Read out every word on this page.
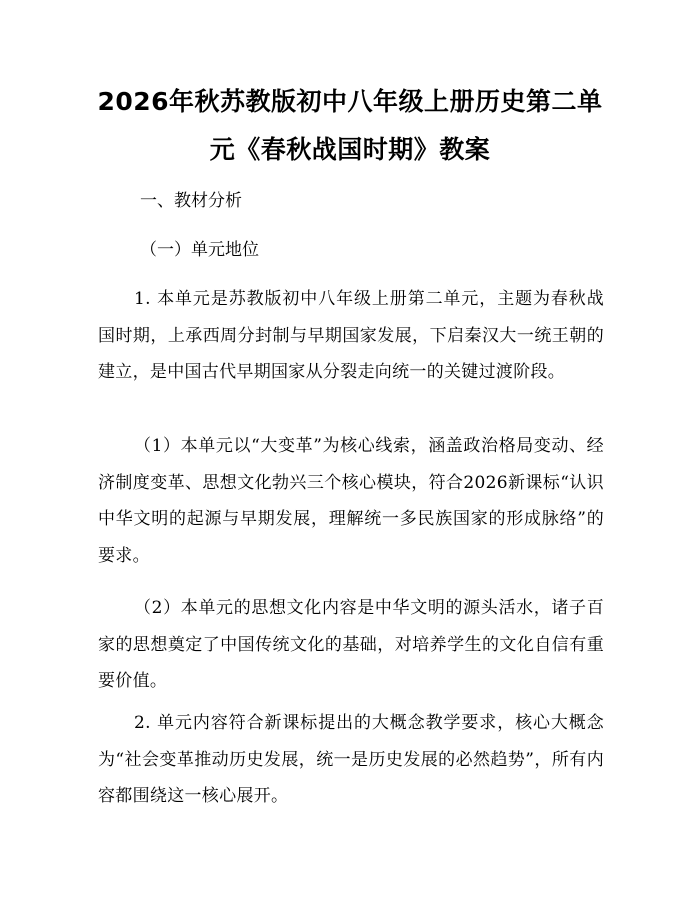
2026年秋苏教版初中八年级上册历史第二单
元《春秋战国时期》教案
一、教材分析
（一）单元地位
1. 本单元是苏教版初中八年级上册第二单元，主题为春秋战国时期，上承西周分封制与早期国家发展，下启秦汉大一统王朝的建立，是中国古代早期国家从分裂走向统一的关键过渡阶段。
（1）本单元以“大变革”为核心线索，涵盖政治格局变动、经济制度变革、思想文化勃兴三个核心模块，符合2026新课标“认识中华文明的起源与早期发展，理解统一多民族国家的形成脉络”的要求。
（2）本单元的思想文化内容是中华文明的源头活水，诸子百家的思想奠定了中国传统文化的基础，对培养学生的文化自信有重要价值。
2. 单元内容符合新课标提出的大概念教学要求，核心大概念为“社会变革推动历史发展，统一是历史发展的必然趋势”，所有内容都围绕这一核心展开。
